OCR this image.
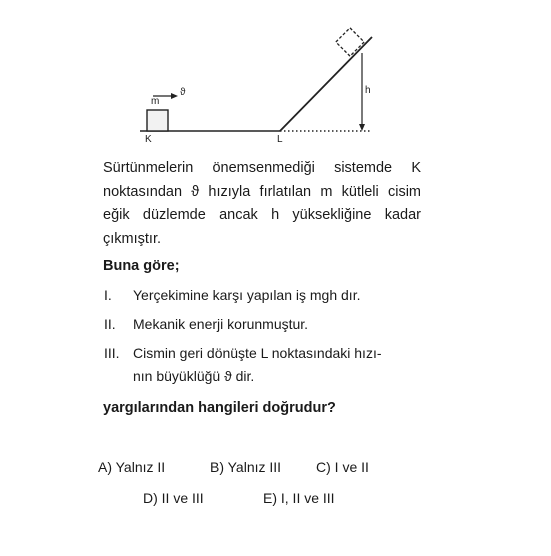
m
ϑ
K	L
h
Sürtünmelerin önemsenmediği sistemde K
noktasından ϑ hızıyla fırlatılan m kütleli cisim
eğik düzlemde ancak h yüksekliğine kadar
çıkmıştır.
Buna göre;
I.	Yerçekimine karşı yapılan iş mgh dır.
II.	Mekanik enerji korunmuştur.
III. Cismin geri dönüşte L noktasındaki hızı-
nın büyüklüğü ϑ dir.
yargılarından hangileri doğrudur?
A) Yalnız II	B) Yalnız III C) I ve II
D) II ve III	E) I, II ve III
